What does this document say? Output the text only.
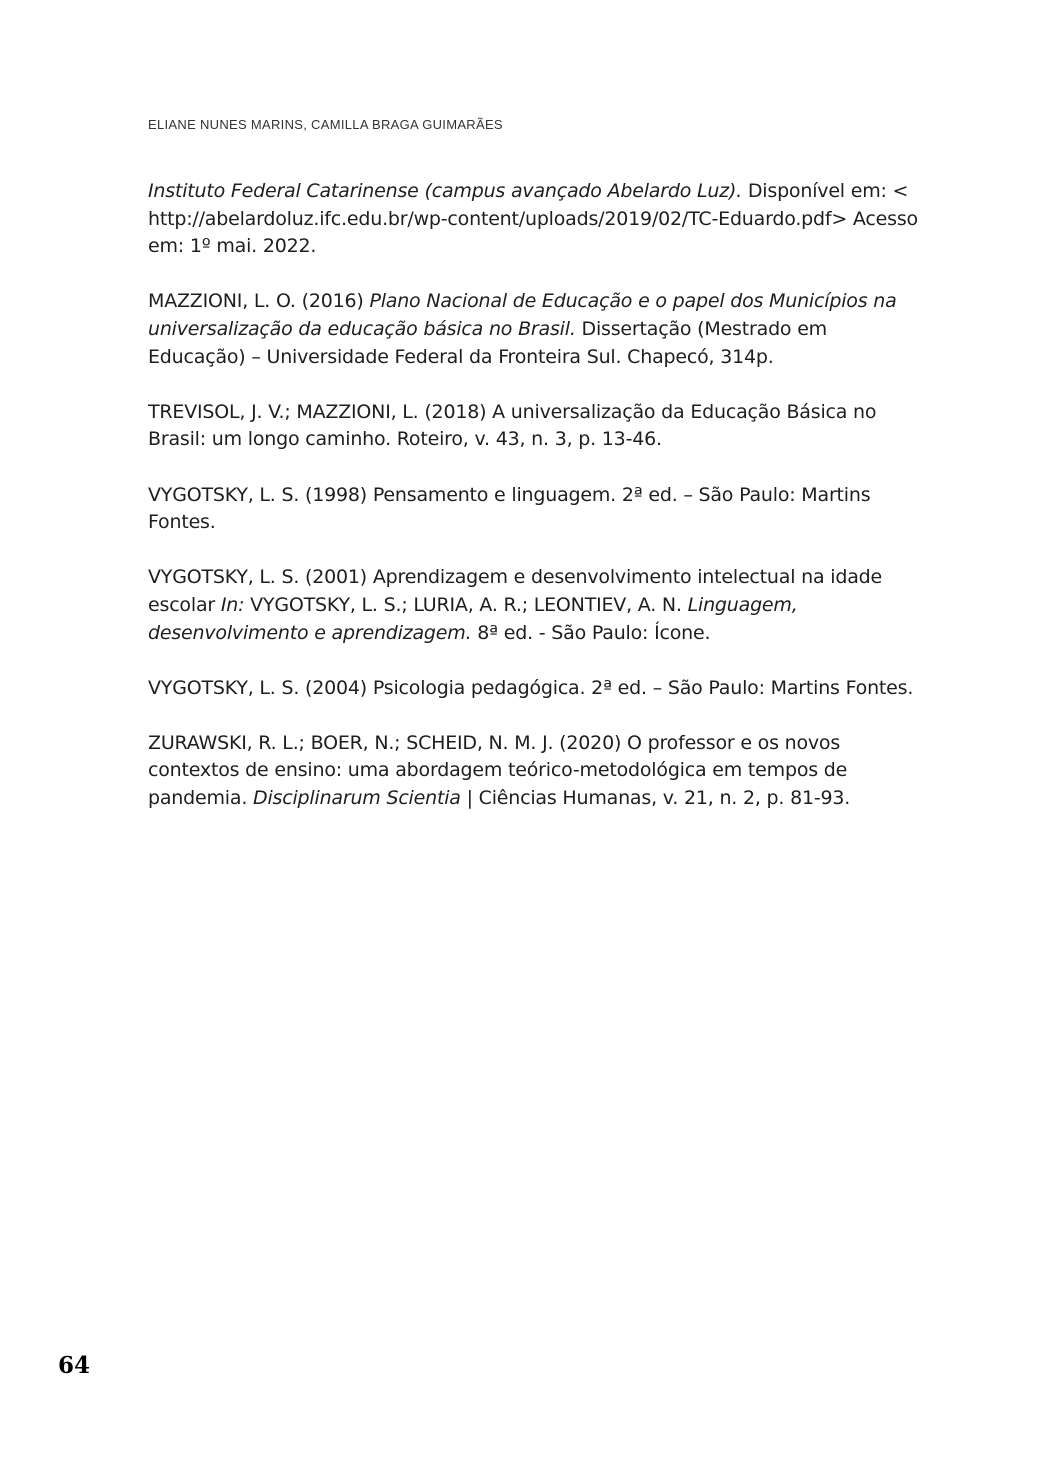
ELIANE NUNES MARINS, CAMILLA BRAGA GUIMARÃES

Instituto Federal Catarinense (campus avançado Abelardo Luz). Disponível em: < http://abelardoluz.ifc.edu.br/wp-content/uploads/2019/02/TC-Eduardo.pdf> Acesso em: 1º mai. 2022.

MAZZIONI, L. O. (2016) Plano Nacional de Educação e o papel dos Municípios na universalização da educação básica no Brasil. Dissertação (Mestrado em Educação) – Universidade Federal da Fronteira Sul. Chapecó, 314p.

TREVISOL, J. V.; MAZZIONI, L. (2018) A universalização da Educação Básica no Brasil: um longo caminho. Roteiro, v. 43, n. 3, p. 13-46.

VYGOTSKY, L. S. (1998) Pensamento e linguagem. 2ª ed. – São Paulo: Martins Fontes.

VYGOTSKY, L. S. (2001) Aprendizagem e desenvolvimento intelectual na idade escolar In: VYGOTSKY, L. S.; LURIA, A. R.; LEONTIEV, A. N. Linguagem, desenvolvimento e aprendizagem. 8ª ed. - São Paulo: Ícone.

VYGOTSKY, L. S. (2004) Psicologia pedagógica. 2ª ed. – São Paulo: Martins Fontes.

ZURAWSKI, R. L.; BOER, N.; SCHEID, N. M. J. (2020) O professor e os novos contextos de ensino: uma abordagem teórico-metodológica em tempos de pandemia. Disciplinarum Scientia | Ciências Humanas, v. 21, n. 2, p. 81-93.

64
